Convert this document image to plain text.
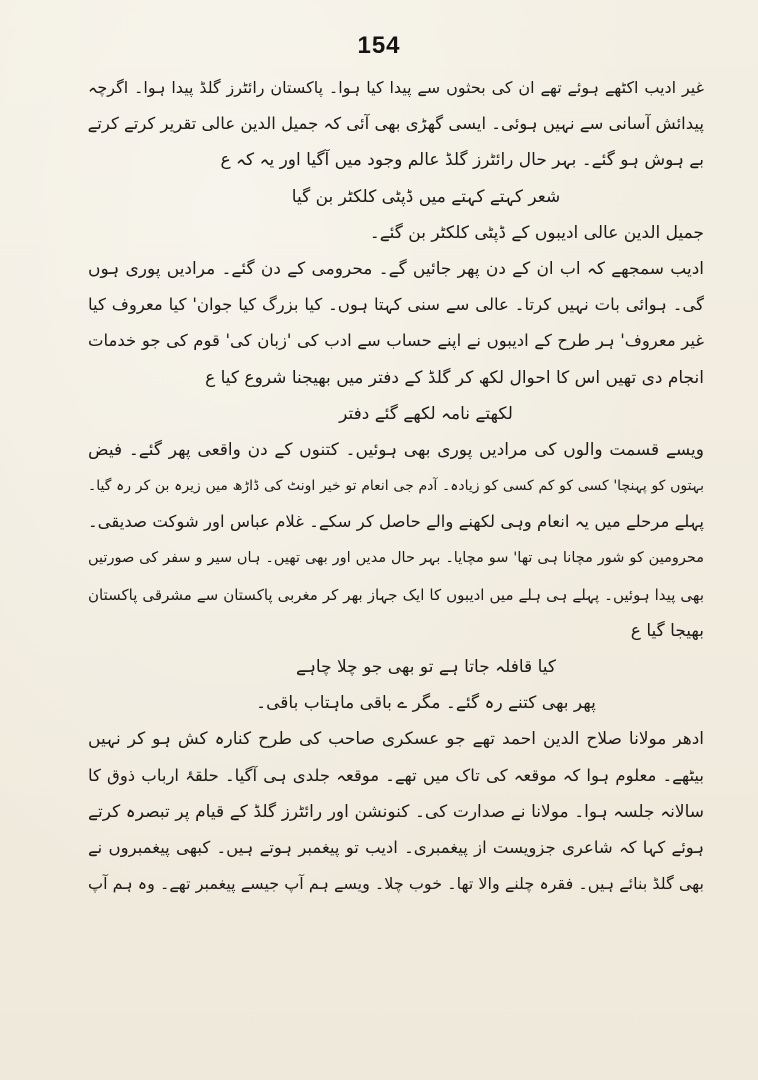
154
غیر ادیب اکٹھے ہوئے تھے ان کی بحثوں سے پیدا کیا ہوا۔ پاکستان رائٹرز گلڈ پیدا ہوا۔ اگرچہ
پیدائش آسانی سے نہیں ہوئی۔ ایسی گھڑی بھی آئی کہ جمیل الدین عالی تقریر کرتے کرتے
بے ہوش ہو گئے۔ بہر حال رائٹرز گلڈ عالم وجود میں آگیا اور یہ کہ ع
شعر کہتے کہتے میں ڈپٹی کلکٹر بن گیا
جمیل الدین عالی ادیبوں کے ڈپٹی کلکٹر بن گئے۔
ادیب سمجھے کہ اب ان کے دن پھر جائیں گے۔ محرومی کے دن گئے۔ مرادیں پوری ہوں
گی۔ ہوائی بات نہیں کرتا۔ عالی سے سنی کہتا ہوں۔ کیا بزرگ کیا جوان' کیا معروف کیا
غیر معروف' ہر طرح کے ادیبوں نے اپنے حساب سے ادب کی 'زبان کی' قوم کی جو خدمات
انجام دی تھیں اس کا احوال لکھ کر گلڈ کے دفتر میں بھیجنا شروع کیا ع
لکھتے نامہ لکھے گئے دفتر
ویسے قسمت والوں کی مرادیں پوری بھی ہوئیں۔ کتنوں کے دن واقعی پھر گئے۔ فیض
بہتوں کو پہنچا' کسی کو کم کسی کو زیادہ۔ آدم جی انعام تو خیر اونٹ کی ڈاڑھ میں زیرہ بن کر رہ گیا۔
پہلے مرحلے میں یہ انعام وہی لکھنے والے حاصل کر سکے۔ غلام عباس اور شوکت صدیقی۔
محرومین کو شور مچانا ہی تھا' سو مچایا۔ بہر حال مدیں اور بھی تھیں۔ ہاں سیر و سفر کی صورتیں
بھی پیدا ہوئیں۔ پہلے ہی ہلے میں ادیبوں کا ایک جہاز بھر کر مغربی پاکستان سے مشرقی پاکستان
بھیجا گیا ع
کیا قافلہ جاتا ہے تو بھی جو چلا چاہے
پھر بھی کتنے رہ گئے۔ مگر ے باقی ماہتاب باقی۔
ادھر مولانا صلاح الدین احمد تھے جو عسکری صاحب کی طرح کنارہ کش ہو کر نہیں
بیٹھے۔ معلوم ہوا کہ موقعہ کی تاک میں تھے۔ موقعہ جلدی ہی آگیا۔ حلقۂ ارباب ذوق کا
سالانہ جلسہ ہوا۔ مولانا نے صدارت کی۔ کنونشن اور رائٹرز گلڈ کے قیام پر تبصرہ کرتے
ہوئے کہا کہ شاعری جزویست از پیغمبری۔ ادیب تو پیغمبر ہوتے ہیں۔ کبھی پیغمبروں نے
بھی گلڈ بنائے ہیں۔ فقرہ چلنے والا تھا۔ خوب چلا۔ ویسے ہم آپ جیسے پیغمبر تھے۔ وہ ہم آپ
